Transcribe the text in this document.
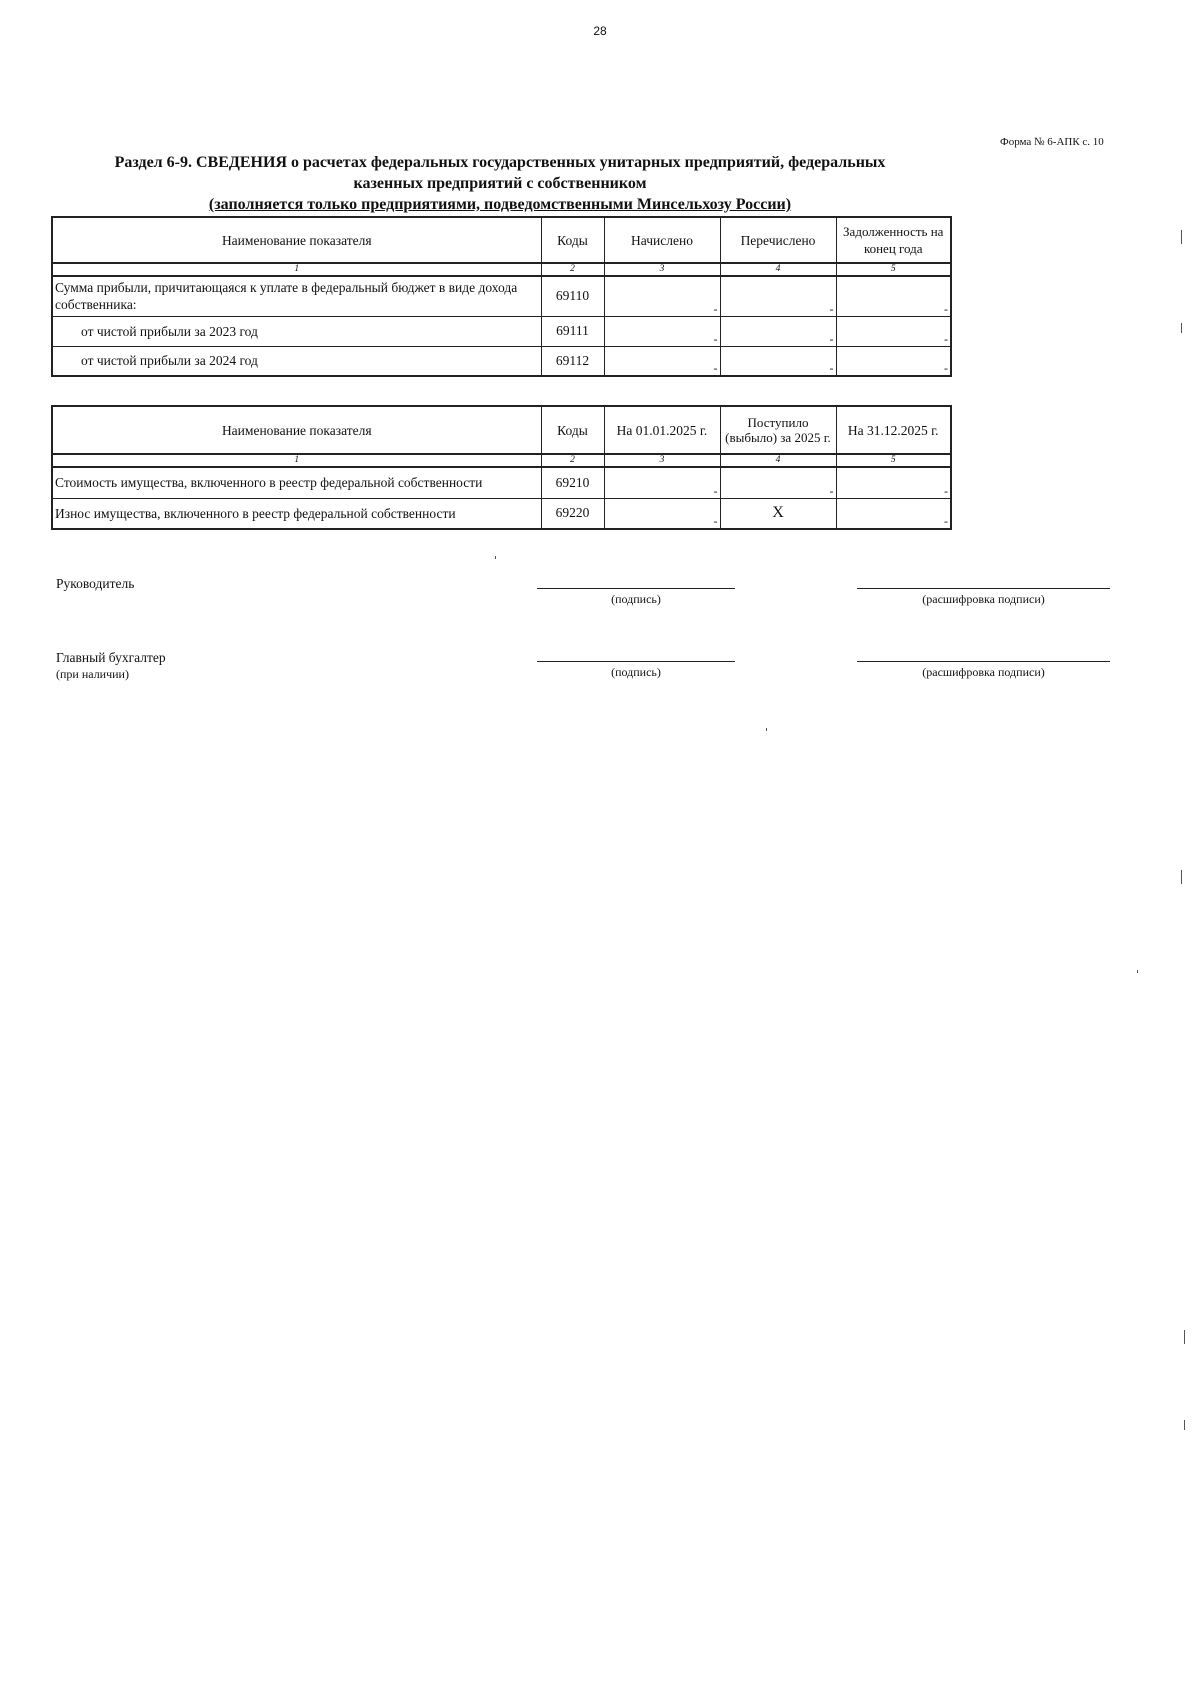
28
Форма № 6-АПК с. 10
Раздел 6-9. СВЕДЕНИЯ о расчетах федеральных государственных унитарных предприятий, федеральных
казенных предприятий с собственником
(заполняется только предприятиями, подведомственными Минсельхозу России)
Наименование показателя	Коды	Начислено	Перечислено	Задолженность на конец года
1	2	3	4	5
Сумма прибыли, причитающаяся к уплате в федеральный бюджет в виде дохода собственника:	69110	-	-	-

от чистой прибыли за 2023 год	69111	-	-	-

от чистой прибыли за 2024 год	69112	-	-	-
Наименование показателя	Коды	На 01.01.2025 г.	Поступило (выбыло) за 2025 г.	На 31.12.2025 г.
1	2	3	4	5
Стоимость имущества, включенного в реестр федеральной собственности	69210	-	-	-

Износ имущества, включенного в реестр федеральной собственности	69220	-	X	-
Руководитель
(подпись)	(расшифровка подписи)
Главный бухгалтер
(при наличии)	(подпись)	(расшифровка подписи)
